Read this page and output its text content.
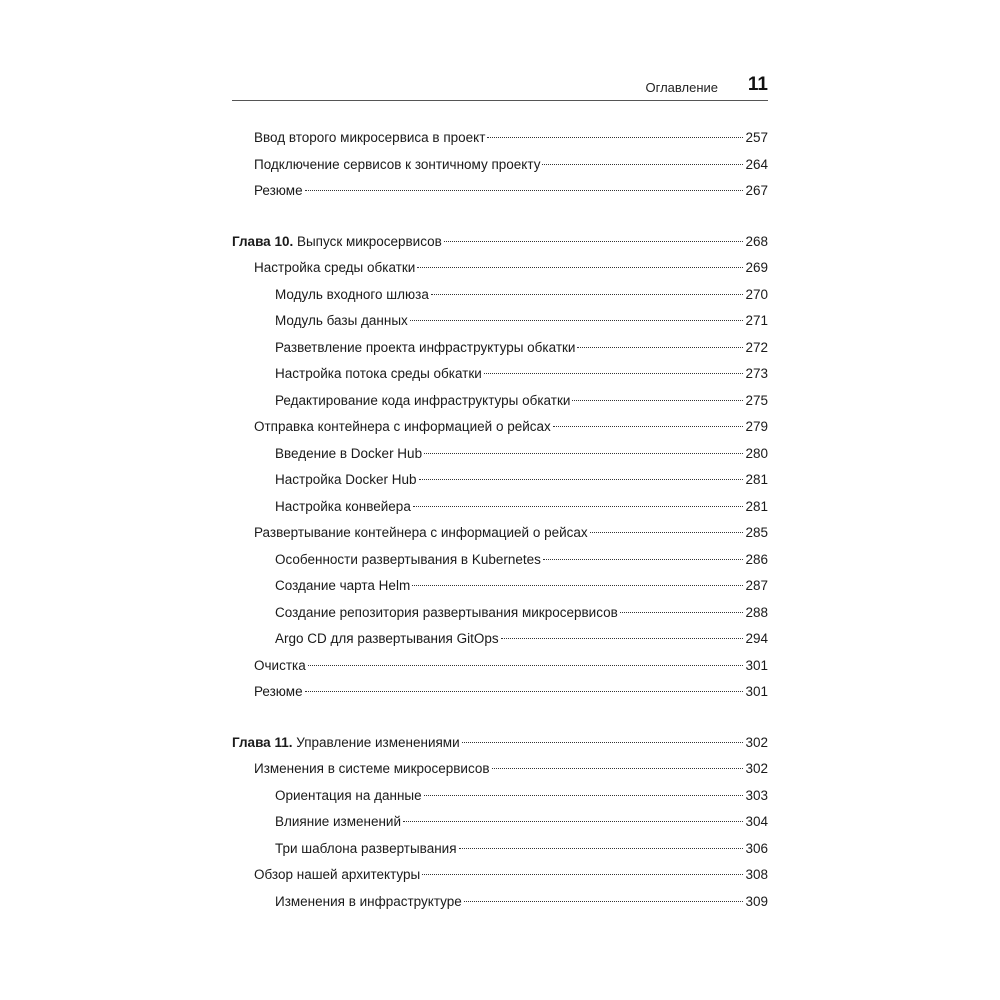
Оглавление 11
Ввод второго микросервиса в проект	257
Подключение сервисов к зонтичному проекту	264
Резюме	267
Глава 10. Выпуск микросервисов	268
Настройка среды обкатки	269
Модуль входного шлюза	270
Модуль базы данных	271
Разветвление проекта инфраструктуры обкатки	272
Настройка потока среды обкатки	273
Редактирование кода инфраструктуры обкатки	275
Отправка контейнера с информацией о рейсах	279
Введение в Docker Hub	280
Настройка Docker Hub	281
Настройка конвейера	281
Развертывание контейнера с информацией о рейсах	285
Особенности развертывания в Kubernetes	286
Создание чарта Helm	287
Создание репозитория развертывания микросервисов	288
Argo CD для развертывания GitOps	294
Очистка	301
Резюме	301
Глава 11. Управление изменениями	302
Изменения в системе микросервисов	302
Ориентация на данные	303
Влияние изменений	304
Три шаблона развертывания	306
Обзор нашей архитектуры	308
Изменения в инфраструктуре	309
